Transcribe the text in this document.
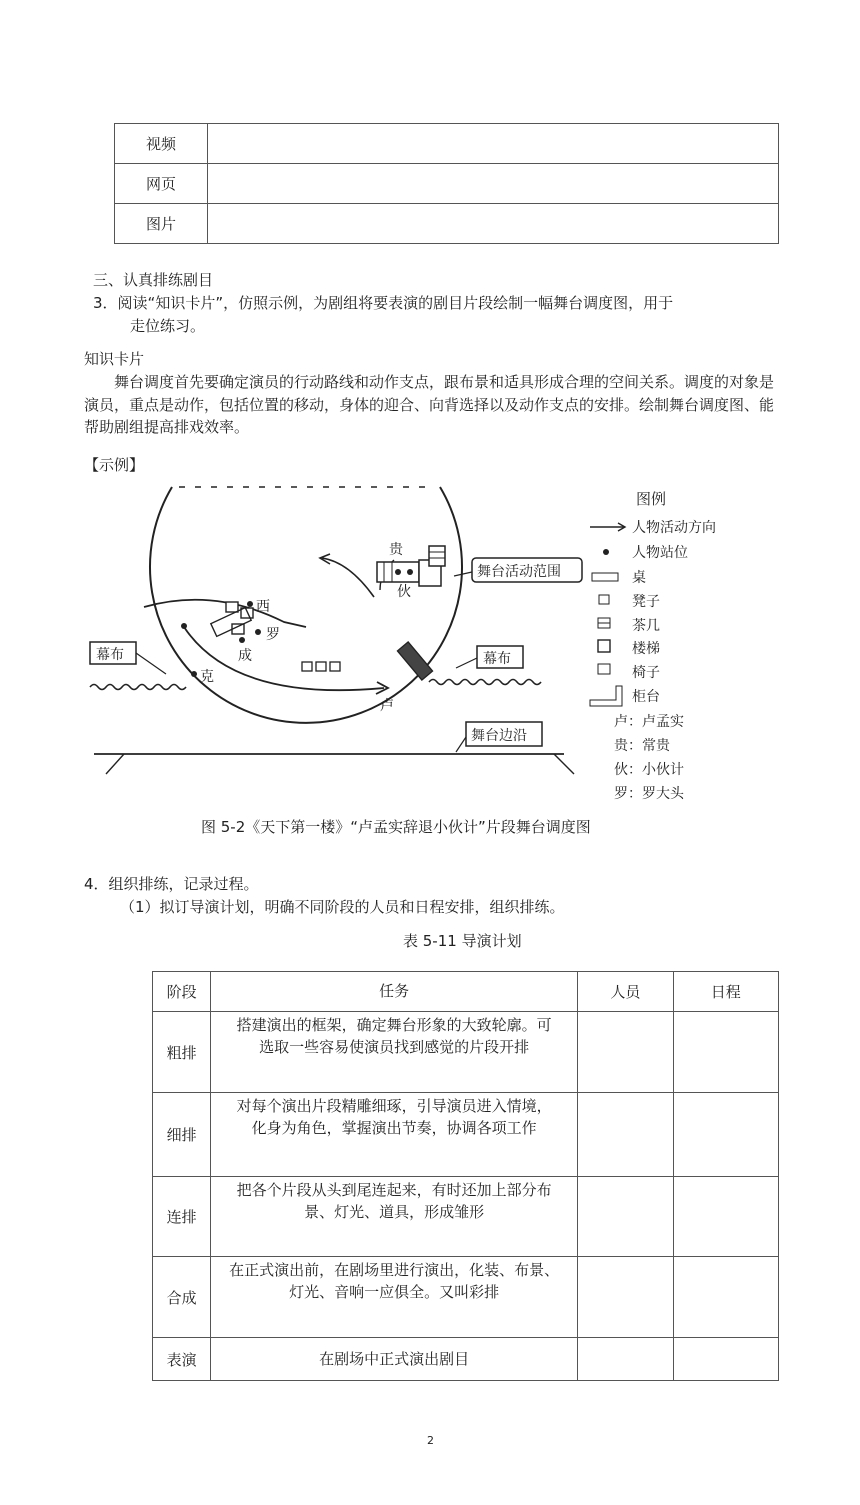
视频	
网页	
图片	
三、认真排练剧目
3．阅读“知识卡片”，仿照示例，为剧组将要表演的剧目片段绘制一幅舞台调度图，用于
走位练习。
知识卡片
舞台调度首先要确定演员的行动路线和动作支点，跟布景和适具形成合理的空间关系。调度的对象是演员，重点是动作，包括位置的移动，身体的迎合、向背选择以及动作支点的安排。绘制舞台调度图、能帮助剧组提高排戏效率。
【示例】
幕布	幕布
舞台活动范围
舞台边沿
贵
伙
西
罗
成
克
卢
图例
人物活动方向
人物站位
桌
凳子
茶几
楼梯
椅子
柜台
卢：卢孟实
贵：常贵
伙：小伙计
罗：罗大头
图 5-2《天下第一楼》“卢孟实辞退小伙计”片段舞台调度图
4．组织排练，记录过程。
（1）拟订导演计划，明确不同阶段的人员和日程安排，组织排练。
表 5-11 导演计划
阶段	任务	人员	日程
粗排	搭建演出的框架，确定舞台形象的大致轮廓。可
选取一些容易使演员找到感觉的片段开排		

细排	对每个演出片段精雕细琢，引导演员进入情境，
化身为角色，掌握演出节奏，协调各项工作		

连排	把各个片段从头到尾连起来，有时还加上部分布
景、灯光、道具，形成雏形		

合成	在正式演出前，在剧场里进行演出，化装、布景、
灯光、音响一应俱全。又叫彩排		

表演	在剧场中正式演出剧目		

2
